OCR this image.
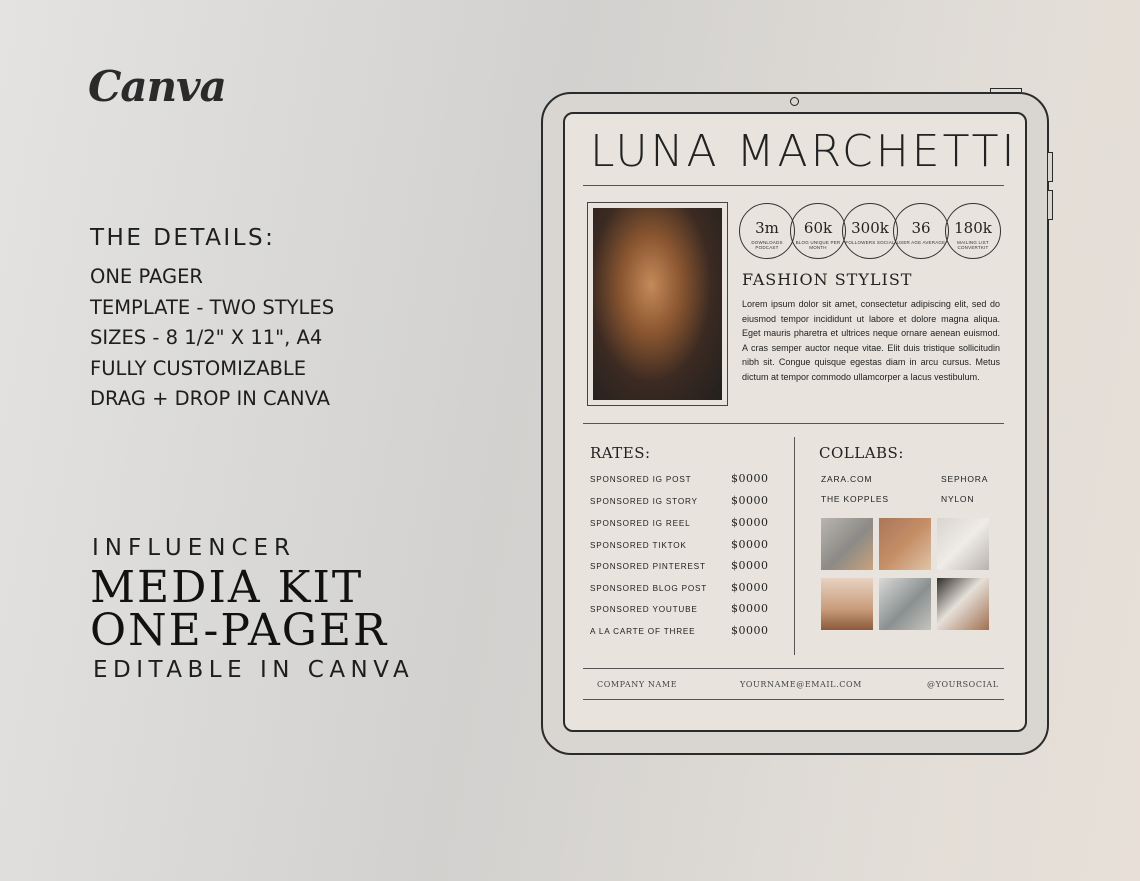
Canva
THE DETAILS:
ONE PAGER
TEMPLATE - TWO STYLES
SIZES - 8 1/2" X 11", A4
FULLY CUSTOMIZABLE
DRAG + DROP IN CANVA
INFLUENCER
MEDIA KIT
ONE-PAGER
EDITABLE IN CANVA
LUNA MARCHETTI
3m
DOWNLOADS PODCAST
60k
BLOG UNIQUE PER MONTH
300k
FOLLOWERS SOCIAL
36
USER AGE AVERAGE
180k
MAILING LIST CONVERTKIT
FASHION STYLIST
Lorem ipsum dolor sit amet, consectetur adipiscing elit, sed do eiusmod tempor incididunt ut labore et dolore magna aliqua. Eget mauris pharetra et ultrices neque ornare aenean euismod. A cras semper auctor neque vitae. Elit duis tristique sollicitudin nibh sit. Congue quisque egestas diam in arcu cursus. Metus dictum at tempor commodo ullamcorper a lacus vestibulum.
RATES:
SPONSORED IG POST	$0000
SPONSORED IG STORY	$0000
SPONSORED IG REEL	$0000
SPONSORED TIKTOK	$0000
SPONSORED PINTEREST $0000
SPONSORED BLOG POST $0000
SPONSORED YOUTUBE	$0000
A LA CARTE OF THREE	$0000
COLLABS:
ZARA.COM	SEPHORA
THE KOPPLES	NYLON
COMPANY NAME	YOURNAME@EMAIL.COM	@YOURSOCIAL
